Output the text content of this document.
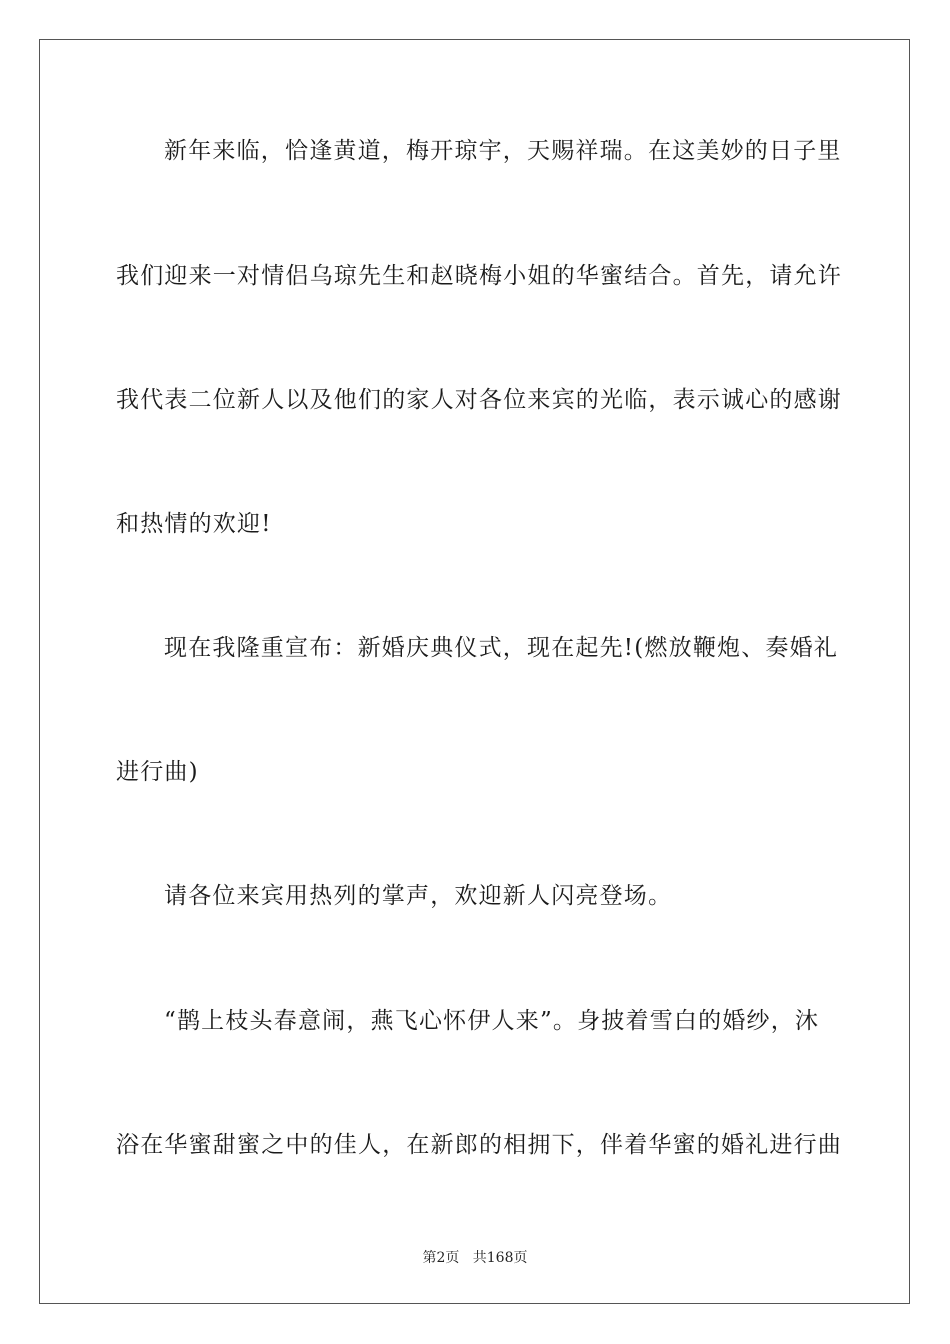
新年来临，恰逢黄道，梅开琼宇，天赐祥瑞。在这美妙的日子里
我们迎来一对情侣乌琼先生和赵晓梅小姐的华蜜结合。首先，请允许
我代表二位新人以及他们的家人对各位来宾的光临，表示诚心的感谢
和热情的欢迎!
现在我隆重宣布：新婚庆典仪式，现在起先!(燃放鞭炮、奏婚礼
进行曲)
请各位来宾用热列的掌声，欢迎新人闪亮登场。
“鹊上枝头春意闹，燕飞心怀伊人来”。身披着雪白的婚纱，沐
浴在华蜜甜蜜之中的佳人，在新郎的相拥下，伴着华蜜的婚礼进行曲
第2页 共168页
